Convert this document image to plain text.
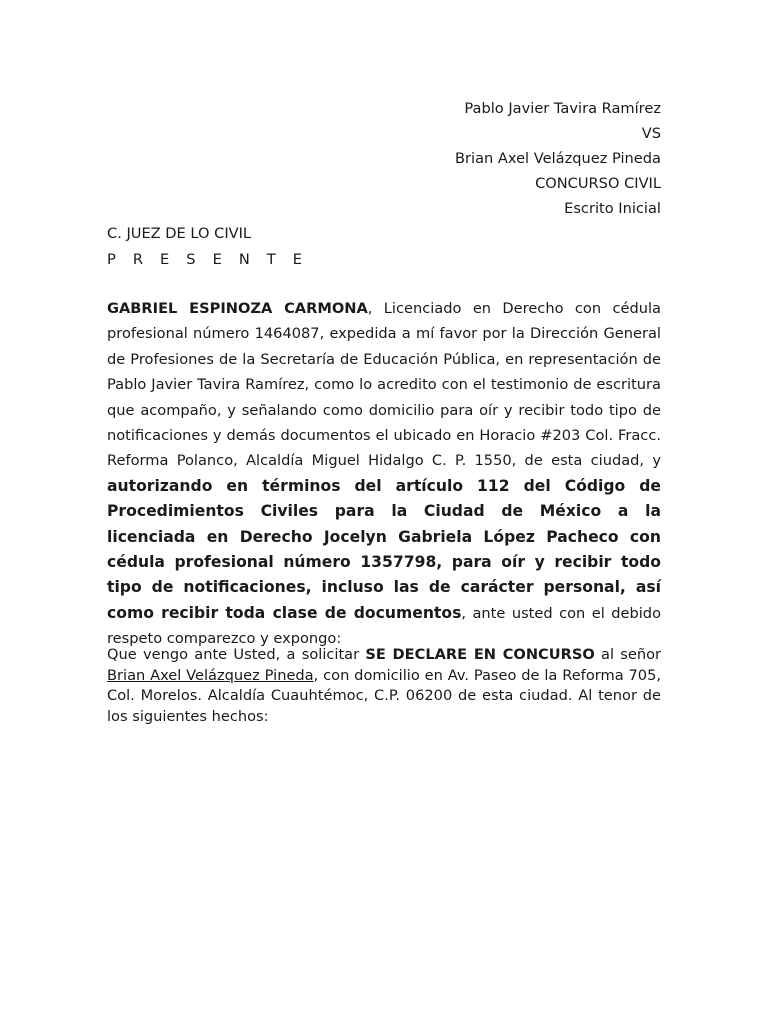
Pablo Javier Tavira Ramírez
VS
Brian Axel Velázquez Pineda
CONCURSO CIVIL
Escrito Inicial
C. JUEZ DE LO CIVIL
P R E S E N T E
GABRIEL ESPINOZA CARMONA, Licenciado en Derecho con cédula profesional número 1464087, expedida a mí favor por la Dirección General de Profesiones de la Secretaría de Educación Pública, en representación de Pablo Javier Tavira Ramírez, como lo acredito con el testimonio de escritura que acompaño, y señalando como domicilio para oír y recibir todo tipo de notificaciones y demás documentos el ubicado en Horacio #203 Col. Fracc. Reforma Polanco, Alcaldía Miguel Hidalgo C. P. 1550, de esta ciudad, y autorizando en términos del artículo 112 del Código de Procedimientos Civiles para la Ciudad de México a la licenciada en Derecho Jocelyn Gabriela López Pacheco con cédula profesional número 1357798, para oír y recibir todo tipo de notificaciones, incluso las de carácter personal, así como recibir toda clase de documentos, ante usted con el debido respeto comparezco y expongo:
Que vengo ante Usted, a solicitar SE DECLARE EN CONCURSO al señor Brian Axel Velázquez Pineda, con domicilio en Av. Paseo de la Reforma 705, Col. Morelos. Alcaldía Cuauhtémoc, C.P. 06200 de esta ciudad. Al tenor de los siguientes hechos:
